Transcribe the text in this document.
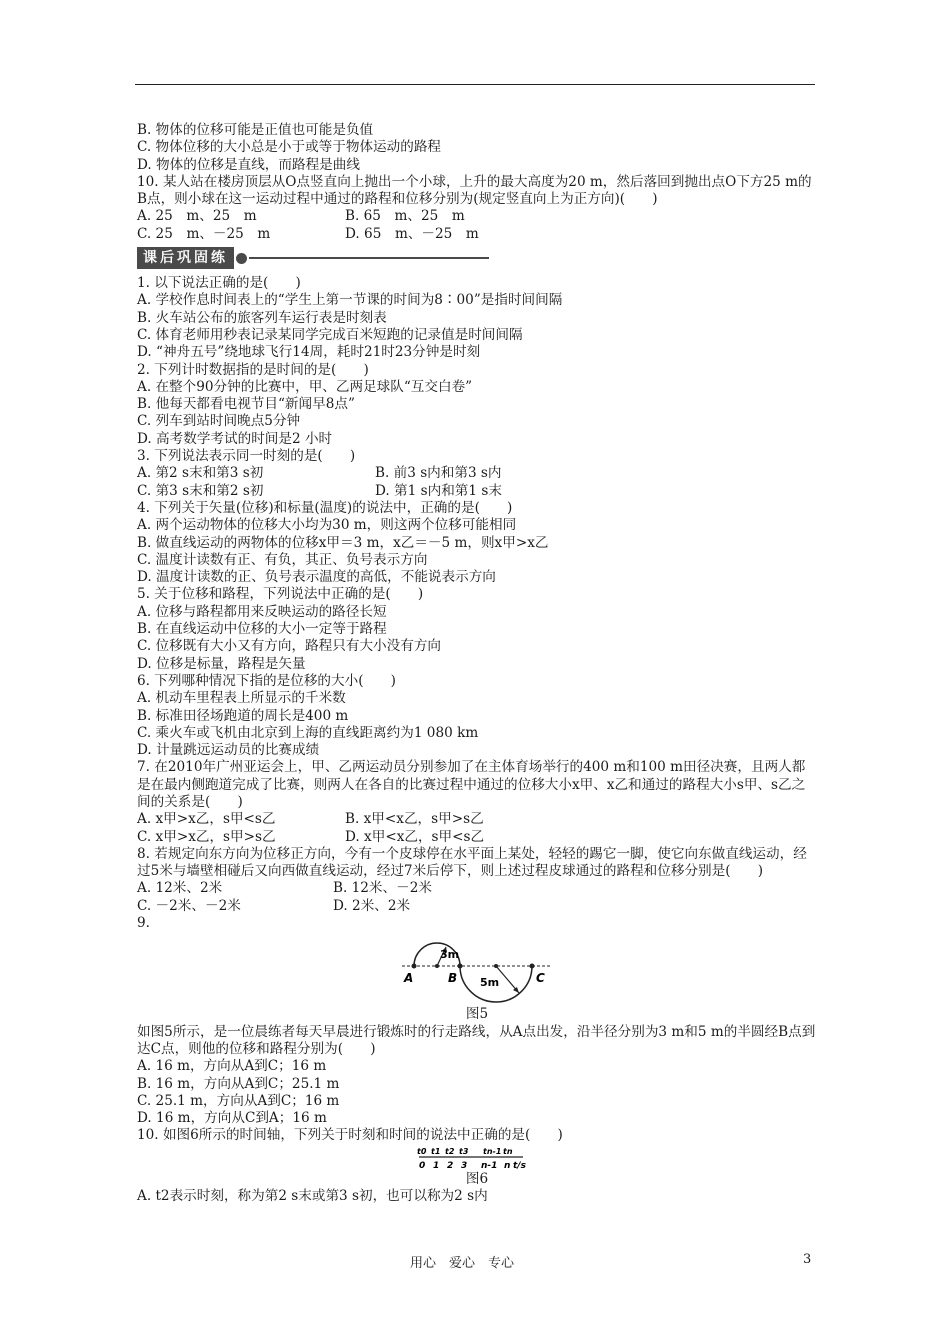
B. 物体的位移可能是正值也可能是负值
C. 物体位移的大小总是小于或等于物体运动的路程
D. 物体的位移是直线，而路程是曲线
10. 某人站在楼房顶层从O点竖直向上抛出一个小球，上升的最大高度为20 m，然后落回到抛出点O下方25 m的B点，则小球在这一运动过程中通过的路程和位移分别为(规定竖直向上为正方向)(　　)
A. 25　m、25　m	B. 65　m、25　m
C. 25　m、－25　m	D. 65　m、－25　m
课后巩固练
1. 以下说法正确的是(　　)
A. 学校作息时间表上的“学生上第一节课的时间为8∶00”是指时间间隔
B. 火车站公布的旅客列车运行表是时刻表
C. 体育老师用秒表记录某同学完成百米短跑的记录值是时间间隔
D. “神舟五号”绕地球飞行14周，耗时21时23分钟是时刻
2. 下列计时数据指的是时间的是(　　)
A. 在整个90分钟的比赛中，甲、乙两足球队“互交白卷”
B. 他每天都看电视节目“新闻早8点”
C. 列车到站时间晚点5分钟
D. 高考数学考试的时间是2 小时
3. 下列说法表示同一时刻的是(　　)
A. 第2 s末和第3 s初	B. 前3 s内和第3 s内
C. 第3 s末和第2 s初	D. 第1 s内和第1 s末
4. 下列关于矢量(位移)和标量(温度)的说法中，正确的是(　　)
A. 两个运动物体的位移大小均为30 m，则这两个位移可能相同
B. 做直线运动的两物体的位移x甲＝3 m，x乙＝－5 m，则x甲>x乙
C. 温度计读数有正、有负，其正、负号表示方向
D. 温度计读数的正、负号表示温度的高低，不能说表示方向
5. 关于位移和路程，下列说法中正确的是(　　)
A. 位移与路程都用来反映运动的路径长短
B. 在直线运动中位移的大小一定等于路程
C. 位移既有大小又有方向，路程只有大小没有方向
D. 位移是标量，路程是矢量
6. 下列哪种情况下指的是位移的大小(　　)
A. 机动车里程表上所显示的千米数
B. 标准田径场跑道的周长是400 m
C. 乘火车或飞机由北京到上海的直线距离约为1 080 km
D. 计量跳远运动员的比赛成绩
7. 在2010年广州亚运会上，甲、乙两运动员分别参加了在主体育场举行的400 m和100 m田径决赛，且两人都是在最内侧跑道完成了比赛，则两人在各自的比赛过程中通过的位移大小x甲、x乙和通过的路程大小s甲、s乙之间的关系是(　　)
A. x甲>x乙，s甲<s乙	B. x甲<x乙，s甲>s乙
C. x甲>x乙，s甲>s乙	D. x甲<x乙，s甲<s乙
8. 若规定向东方向为位移正方向，今有一个皮球停在水平面上某处，轻轻的踢它一脚，使它向东做直线运动，经过5米与墙壁相碰后又向西做直线运动，经过7米后停下，则上述过程皮球通过的路程和位移分别是(　　)
A. 12米、2米	B. 12米、－2米
C. －2米、－2米	D. 2米、2米
9.
A	B	C
3m
5m
图5
如图5所示，是一位晨练者每天早晨进行锻炼时的行走路线，从A点出发，沿半径分别为3 m和5 m的半圆经B点到达C点，则他的位移和路程分别为(　　)
A. 16 m，方向从A到C；16 m
B. 16 m，方向从A到C；25.1 m
C. 25.1 m，方向从A到C；16 m
D. 16 m，方向从C到A；16 m
10. 如图6所示的时间轴，下列关于时刻和时间的说法中正确的是(　　)
t0 t1 t2 t3 tn-1 tn
0 1 2 3 n-1 n t/s
图6
A. t2表示时刻，称为第2 s末或第3 s初，也可以称为2 s内
用心　爱心　专心	3
